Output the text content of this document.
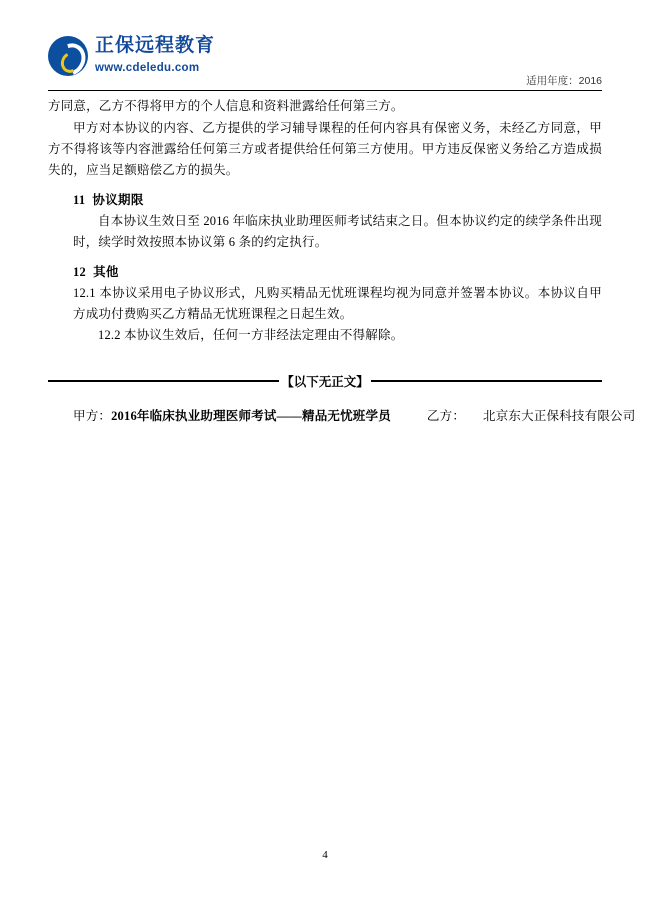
正保远程教育
www.cdeledu.com
适用年度：2016

方同意，乙方不得将甲方的个人信息和资料泄露给任何第三方。

甲方对本协议的内容、乙方提供的学习辅导课程的任何内容具有保密义务，未经乙方同意，甲方不得将该等内容泄露给任何第三方或者提供给任何第三方使用。甲方违反保密义务给乙方造成损失的，应当足额赔偿乙方的损失。

11 协议期限

自本协议生效日至 2016 年临床执业助理医师考试结束之日。但本协议约定的续学条件出现时，续学时效按照本协议第 6 条的约定执行。

12 其他

12.1 本协议采用电子协议形式，凡购买精品无忧班课程均视为同意并签署本协议。本协议自甲方成功付费购买乙方精品无忧班课程之日起生效。

12.2 本协议生效后，任何一方非经法定理由不得解除。

【以下无正文】
甲方：2016年临床执业助理医师考试——精品无忧班学员	乙方： 北京东大正保科技有限公司
4
